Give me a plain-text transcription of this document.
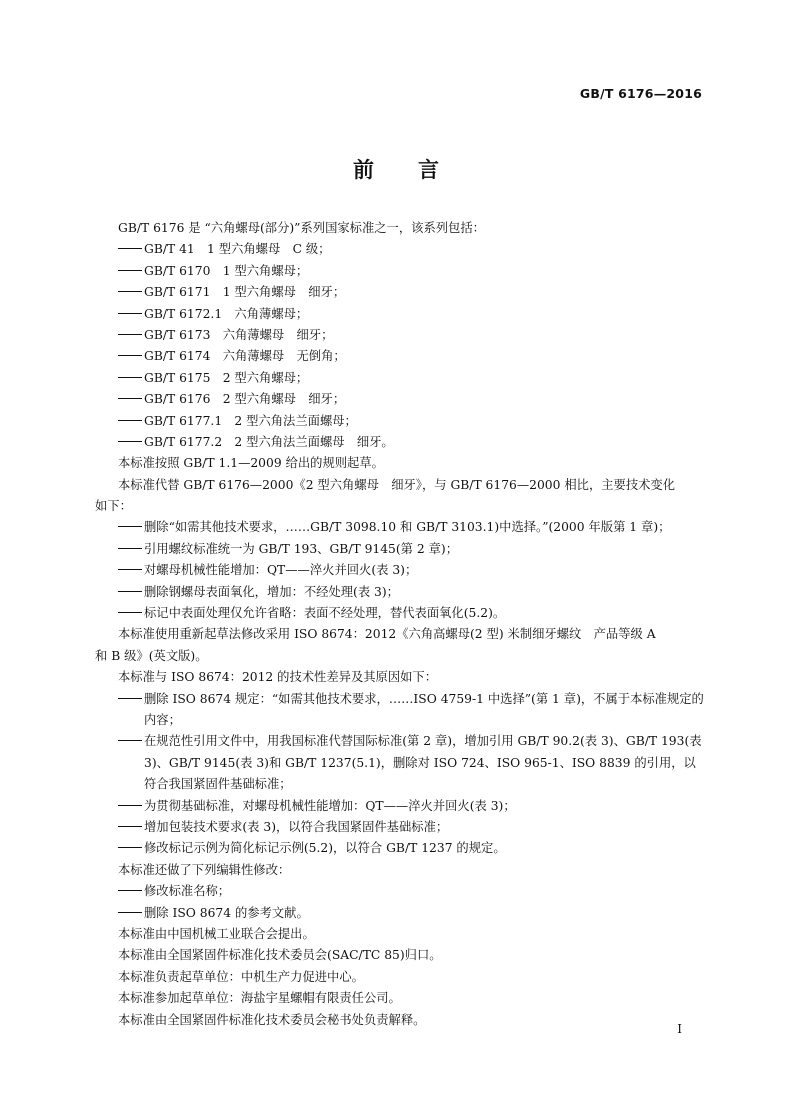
GB/T 6176—2016
前言
GB/T 6176 是 “六角螺母(部分)”系列国家标准之一，该系列包括：
GB/T 41　1 型六角螺母　C 级；
GB/T 6170　1 型六角螺母；
GB/T 6171　1 型六角螺母　细牙；
GB/T 6172.1　六角薄螺母；
GB/T 6173　六角薄螺母　细牙；
GB/T 6174　六角薄螺母　无倒角；
GB/T 6175　2 型六角螺母；
GB/T 6176　2 型六角螺母　细牙；
GB/T 6177.1　2 型六角法兰面螺母；
GB/T 6177.2　2 型六角法兰面螺母　细牙。
本标准按照 GB/T 1.1—2009 给出的规则起草。
本标准代替 GB/T 6176—2000《2 型六角螺母　细牙》，与 GB/T 6176—2000 相比，主要技术变化
如下：
删除“如需其他技术要求，……GB/T 3098.10 和 GB/T 3103.1)中选择。”(2000 年版第 1 章)；
引用螺纹标准统一为 GB/T 193、GB/T 9145(第 2 章)；
对螺母机械性能增加：QT——淬火并回火(表 3)；
删除钢螺母表面氧化，增加：不经处理(表 3)；
标记中表面处理仅允许省略：表面不经处理，替代表面氧化(5.2)。
本标准使用重新起草法修改采用 ISO 8674：2012《六角高螺母(2 型) 米制细牙螺纹　产品等级 A
和 B 级》(英文版)。
本标准与 ISO 8674：2012 的技术性差异及其原因如下：
删除 ISO 8674 规定：“如需其他技术要求，……ISO 4759-1 中选择”(第 1 章)，不属于本标准规定的内容；
在规范性引用文件中，用我国标准代替国际标准(第 2 章)，增加引用 GB/T 90.2(表 3)、GB/T 193(表 3)、GB/T 9145(表 3)和 GB/T 1237(5.1)，删除对 ISO 724、ISO 965-1、ISO 8839 的引用，以符合我国紧固件基础标准；
为贯彻基础标准，对螺母机械性能增加：QT——淬火并回火(表 3)；
增加包装技术要求(表 3)，以符合我国紧固件基础标准；
修改标记示例为简化标记示例(5.2)，以符合 GB/T 1237 的规定。
本标准还做了下列编辑性修改：
修改标准名称；
删除 ISO 8674 的参考文献。
本标准由中国机械工业联合会提出。
本标准由全国紧固件标准化技术委员会(SAC/TC 85)归口。
本标准负责起草单位：中机生产力促进中心。
本标准参加起草单位：海盐宇星螺帽有限责任公司。
本标准由全国紧固件标准化技术委员会秘书处负责解释。
I
